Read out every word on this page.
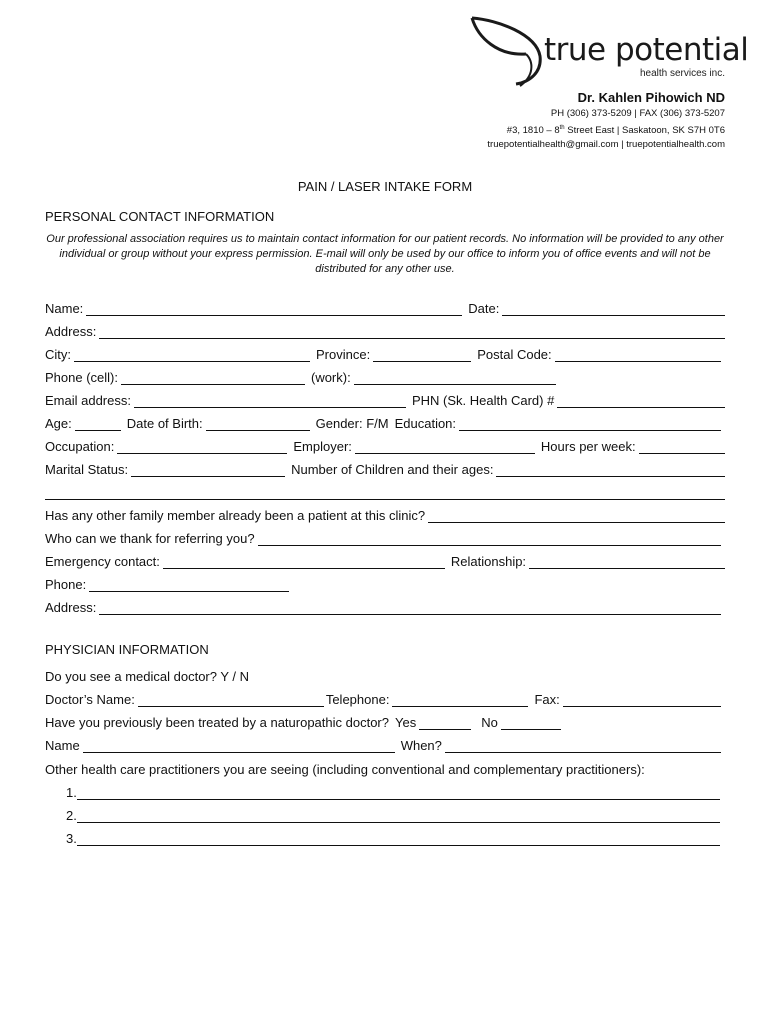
true potential
health services inc.
Dr. Kahlen Pihowich ND
PH (306) 373-5209 | FAX (306) 373-5207
#3, 1810 – 8th Street East | Saskatoon, SK S7H 0T6
truepotentialhealth@gmail.com | truepotentialhealth.com
PAIN / LASER INTAKE FORM
PERSONAL CONTACT INFORMATION
Our professional association requires us to maintain contact information for our patient records. No information will be provided to any other individual or group without your express permission. E-mail will only be used by our office to inform you of office events and will not be distributed for any other use.
Name:	Date:
Address:
City:	Province:	Postal Code:
Phone (cell):	(work):
Email address:	PHN (Sk. Health Card) #
Age:	Date of Birth:	Gender: F/M Education:
Occupation:	Employer:	Hours per week:
Marital Status:	Number of Children and their ages:
Has any other family member already been a patient at this clinic?
Who can we thank for referring you?
Emergency contact:	Relationship:
Phone:
Address:
PHYSICIAN INFORMATION
Do you see a medical doctor? Y / N
Doctor’s Name:	Telephone:	Fax:
Have you previously been treated by a naturopathic doctor? Yes	No
Name	When?
Other health care practitioners you are seeing (including conventional and complementary practitioners):
1.
2.
3.
